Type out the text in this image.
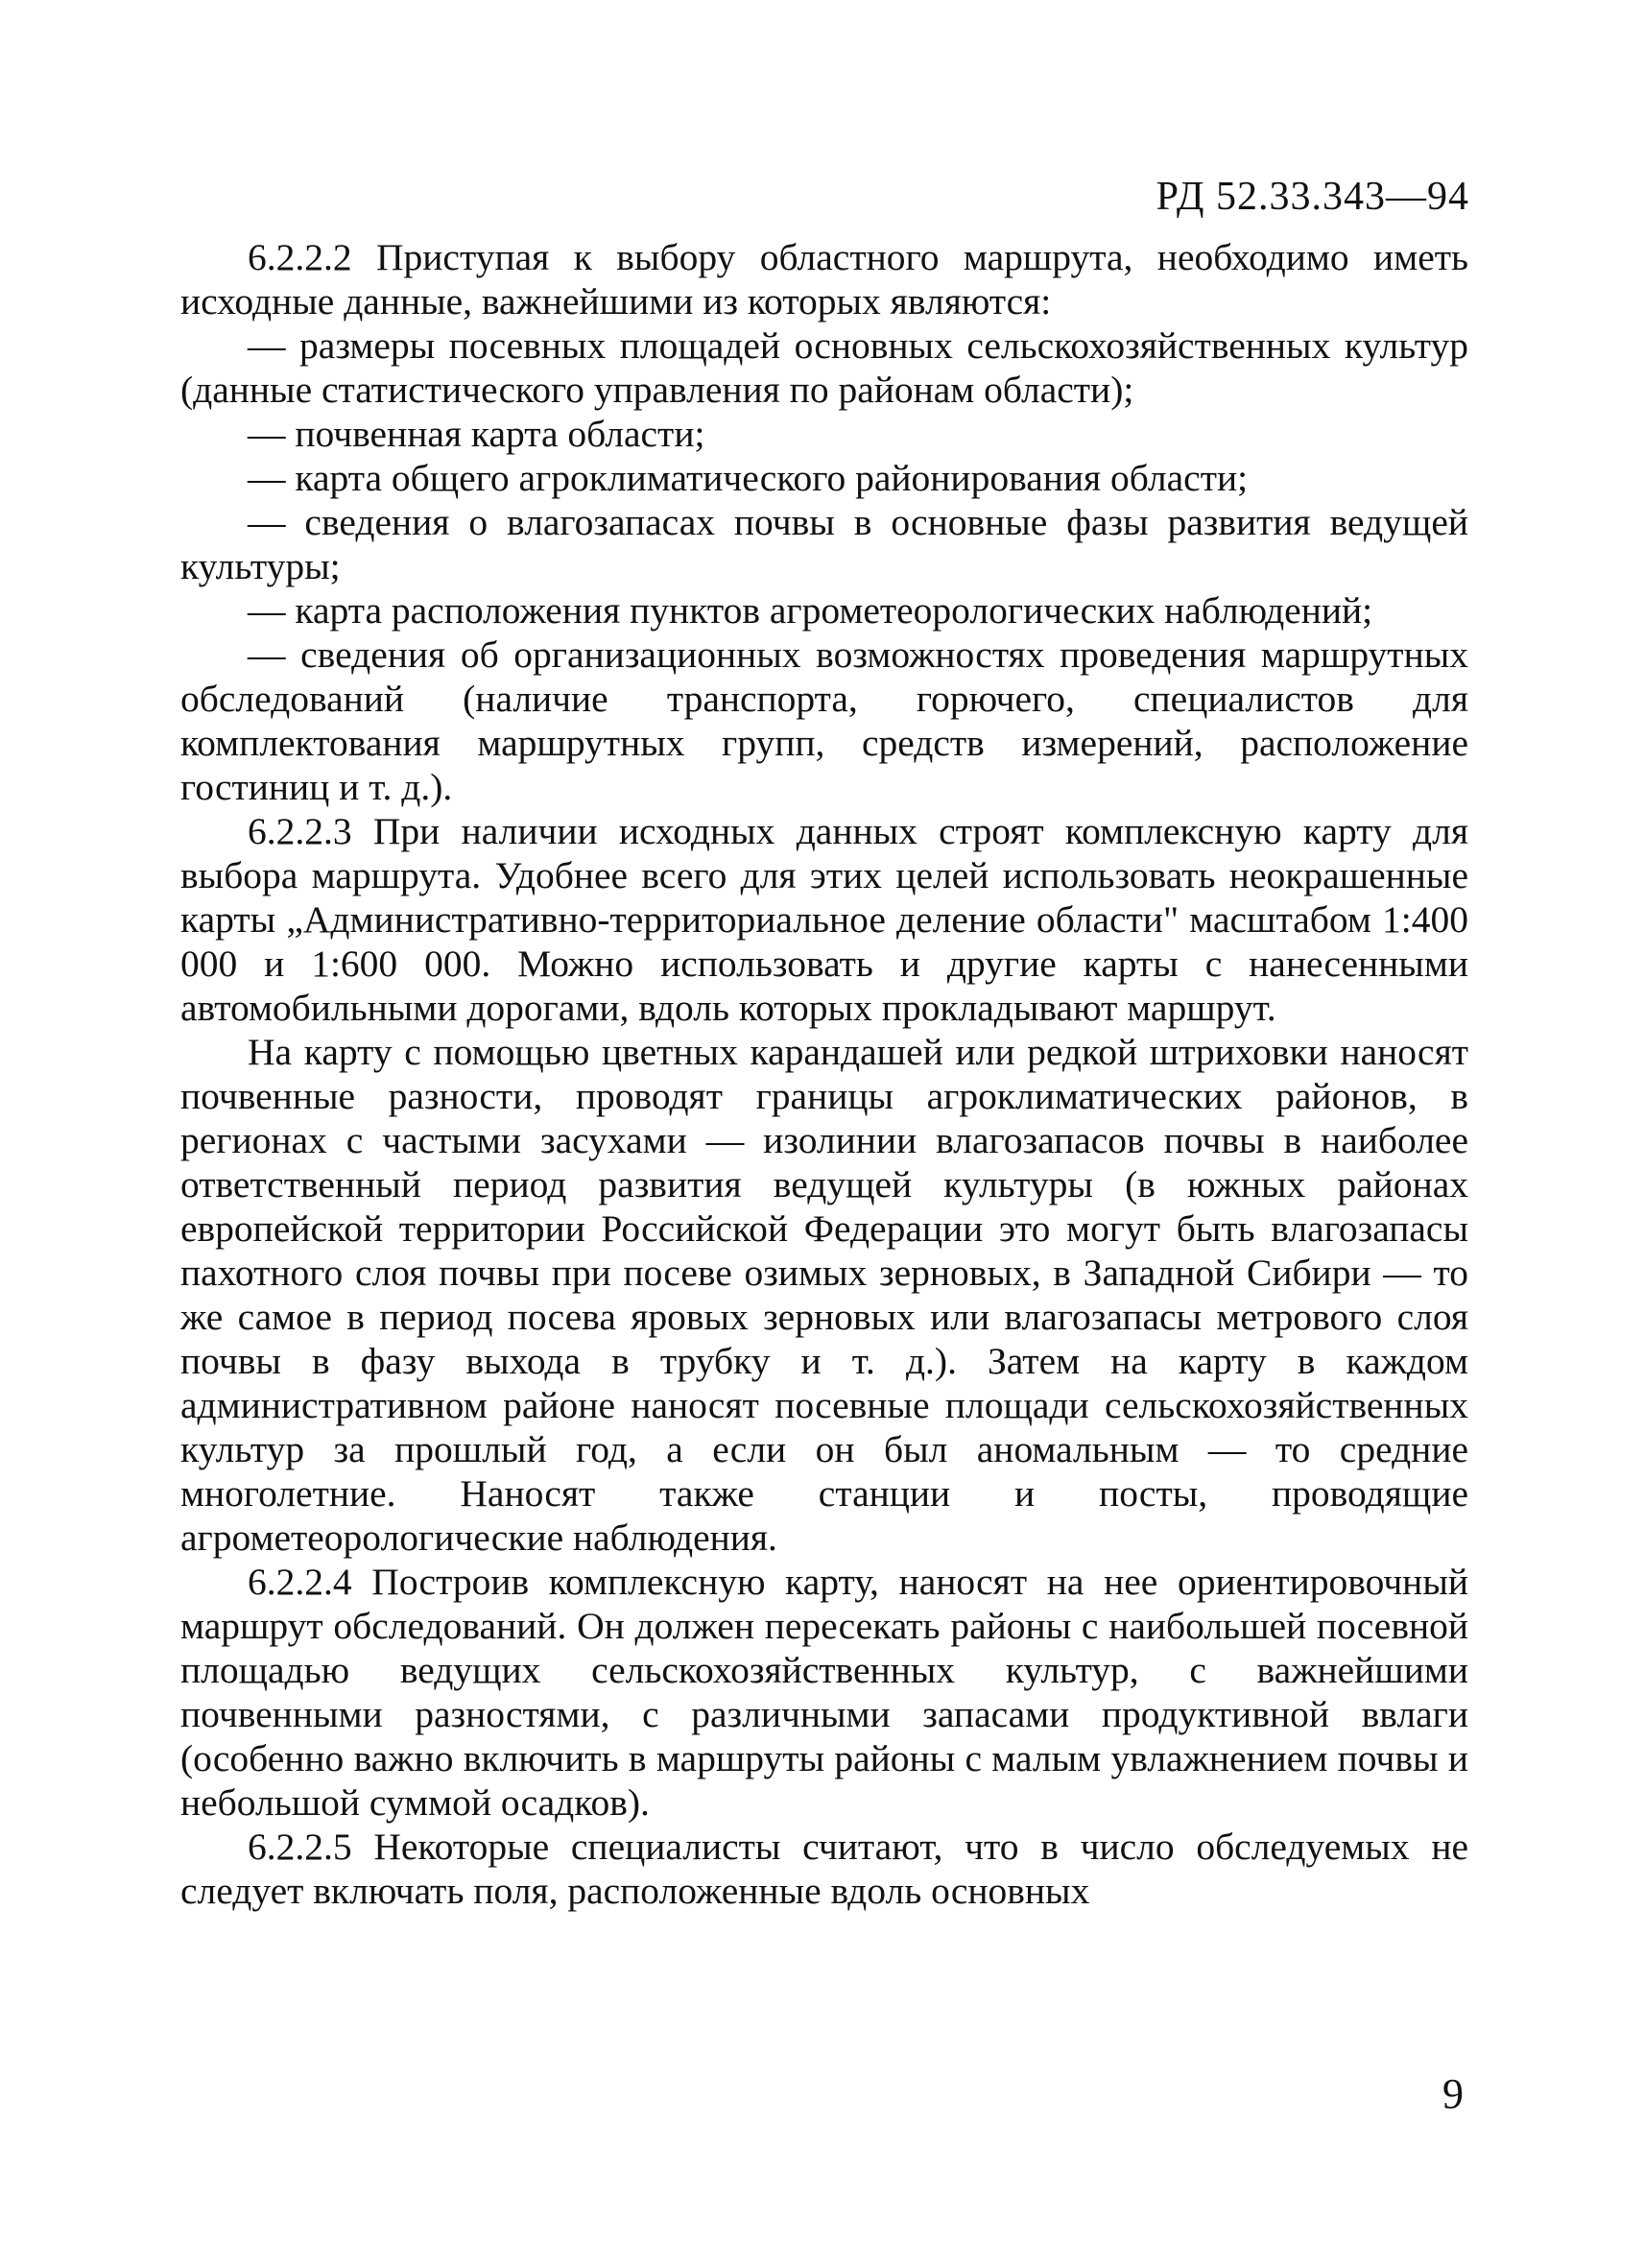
РД 52.33.343—94

6.2.2.2 Приступая к выбору областного маршрута, необходимо иметь исходные данные, важнейшими из которых являются:

— размеры посевных площадей основных сельскохозяйственных культур (данные статистического управления по районам области);

— почвенная карта области;

— карта общего агроклиматического районирования области;

— сведения о влагозапасах почвы в основные фазы развития ведущей культуры;

— карта расположения пунктов агрометеорологических наблюдений;

— сведения об организационных возможностях проведения маршрутных обследований (наличие транспорта, горючего, специалистов для комплектования маршрутных групп, средств измерений, расположение гостиниц и т. д.).

6.2.2.3 При наличии исходных данных строят комплексную карту для выбора маршрута. Удобнее всего для этих целей использовать неокрашенные карты „Административно-территориальное деление области" масштабом 1:400 000 и 1:600 000. Можно использовать и другие карты с нанесенными автомобильными дорогами, вдоль которых прокладывают маршрут.

На карту с помощью цветных карандашей или редкой штриховки наносят почвенные разности, проводят границы агроклиматических районов, в регионах с частыми засухами — изолинии влагозапасов почвы в наиболее ответственный период развития ведущей культуры (в южных районах европейской территории Российской Федерации это могут быть влагозапасы пахотного слоя почвы при посеве озимых зерновых, в Западной Сибири — то же самое в период посева яровых зерновых или влагозапасы метрового слоя почвы в фазу выхода в трубку и т. д.). Затем на карту в каждом административном районе наносят посевные площади сельскохозяйственных культур за прошлый год, а если он был аномальным — то средние многолетние. Наносят также станции и посты, проводящие агрометеорологические наблюдения.

6.2.2.4 Построив комплексную карту, наносят на нее ориентировочный маршрут обследований. Он должен пересекать районы с наибольшей посевной площадью ведущих сельскохозяйственных культур, с важнейшими почвенными разностями, с различными запасами продуктивной ввлаги (особенно важно включить в маршруты районы с малым увлажнением почвы и небольшой суммой осадков).

6.2.2.5 Некоторые специалисты считают, что в число обследуемых не следует включать поля, расположенные вдоль основных

9
